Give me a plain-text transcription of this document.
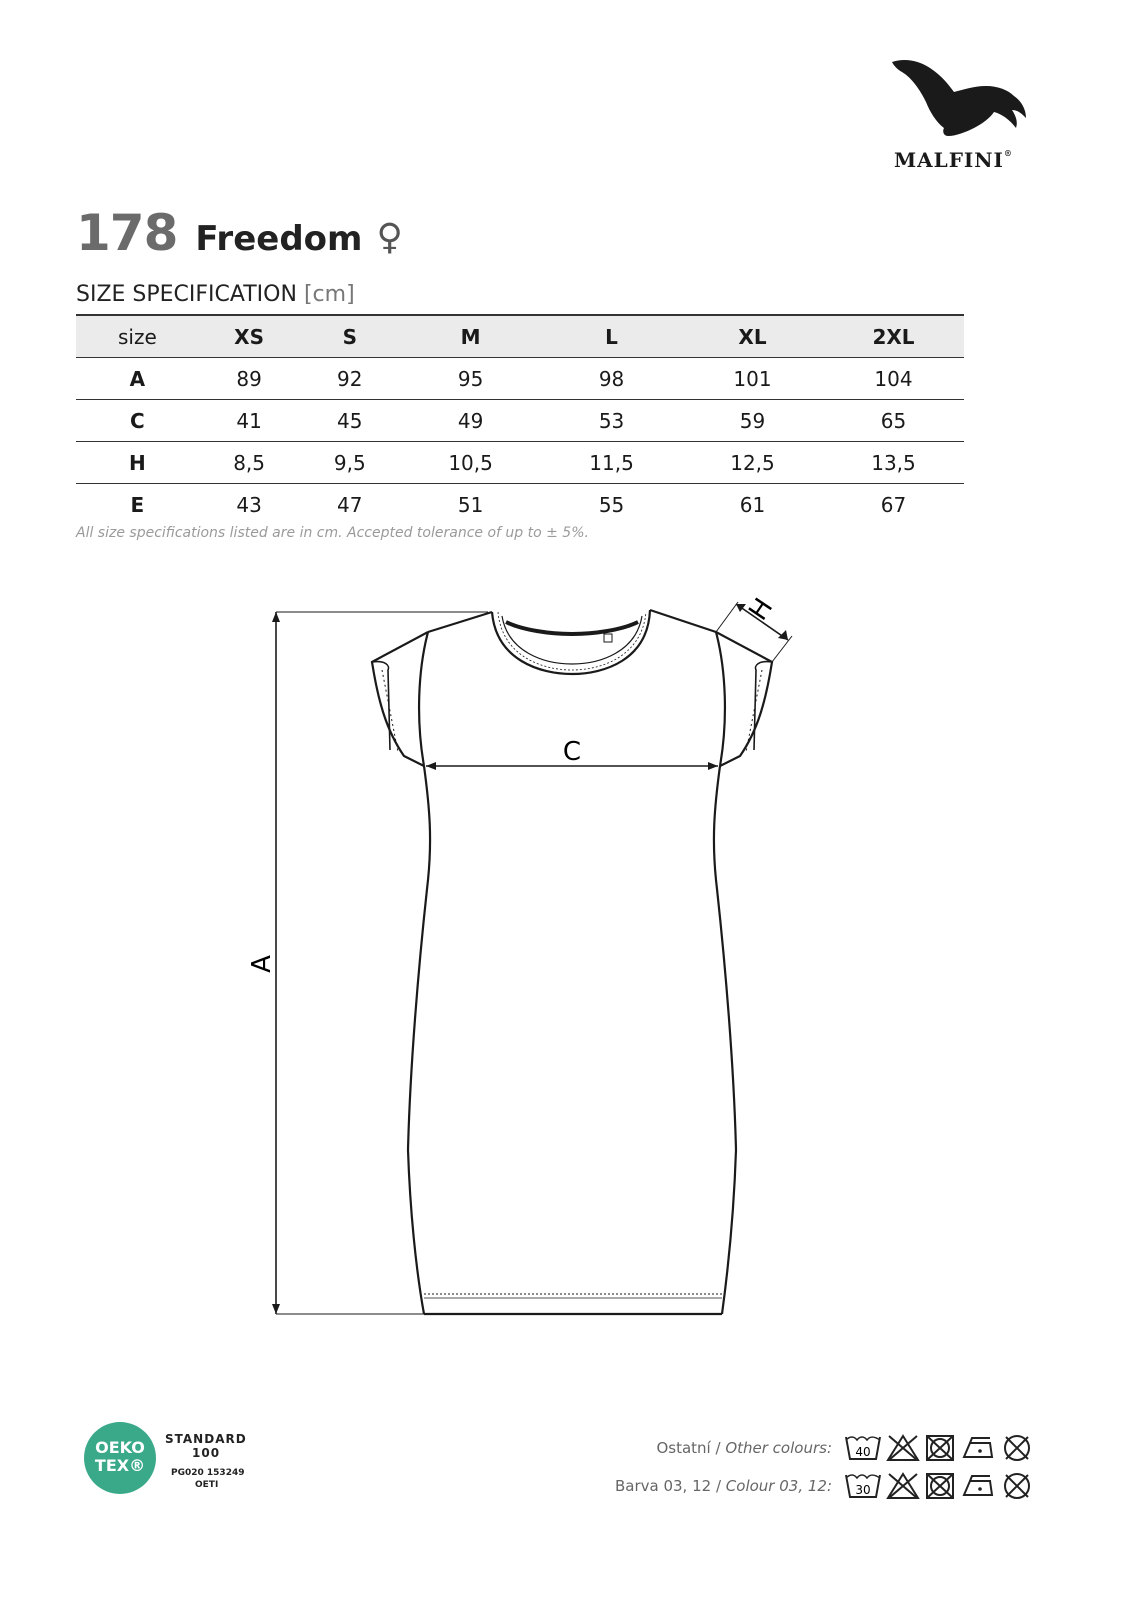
MALFINI®
178 Freedom ♀
SIZE SPECIFICATION [cm]
size	XS	S	M	L	XL	2XL
A	89	92	95	98	101	104
C	41	45	49	53	59	65
H	8,5	9,5	10,5	11,5	12,5	13,5
E	43	47	51	55	61	67
All size specifications listed are in cm. Accepted tolerance of up to ± 5%.
A
C
H
OEKO
TEX®
STANDARD
100
PG020 153249
OETI
Ostatní / Other colours: 40
Barva 03, 12 / Colour 03, 12: 30
